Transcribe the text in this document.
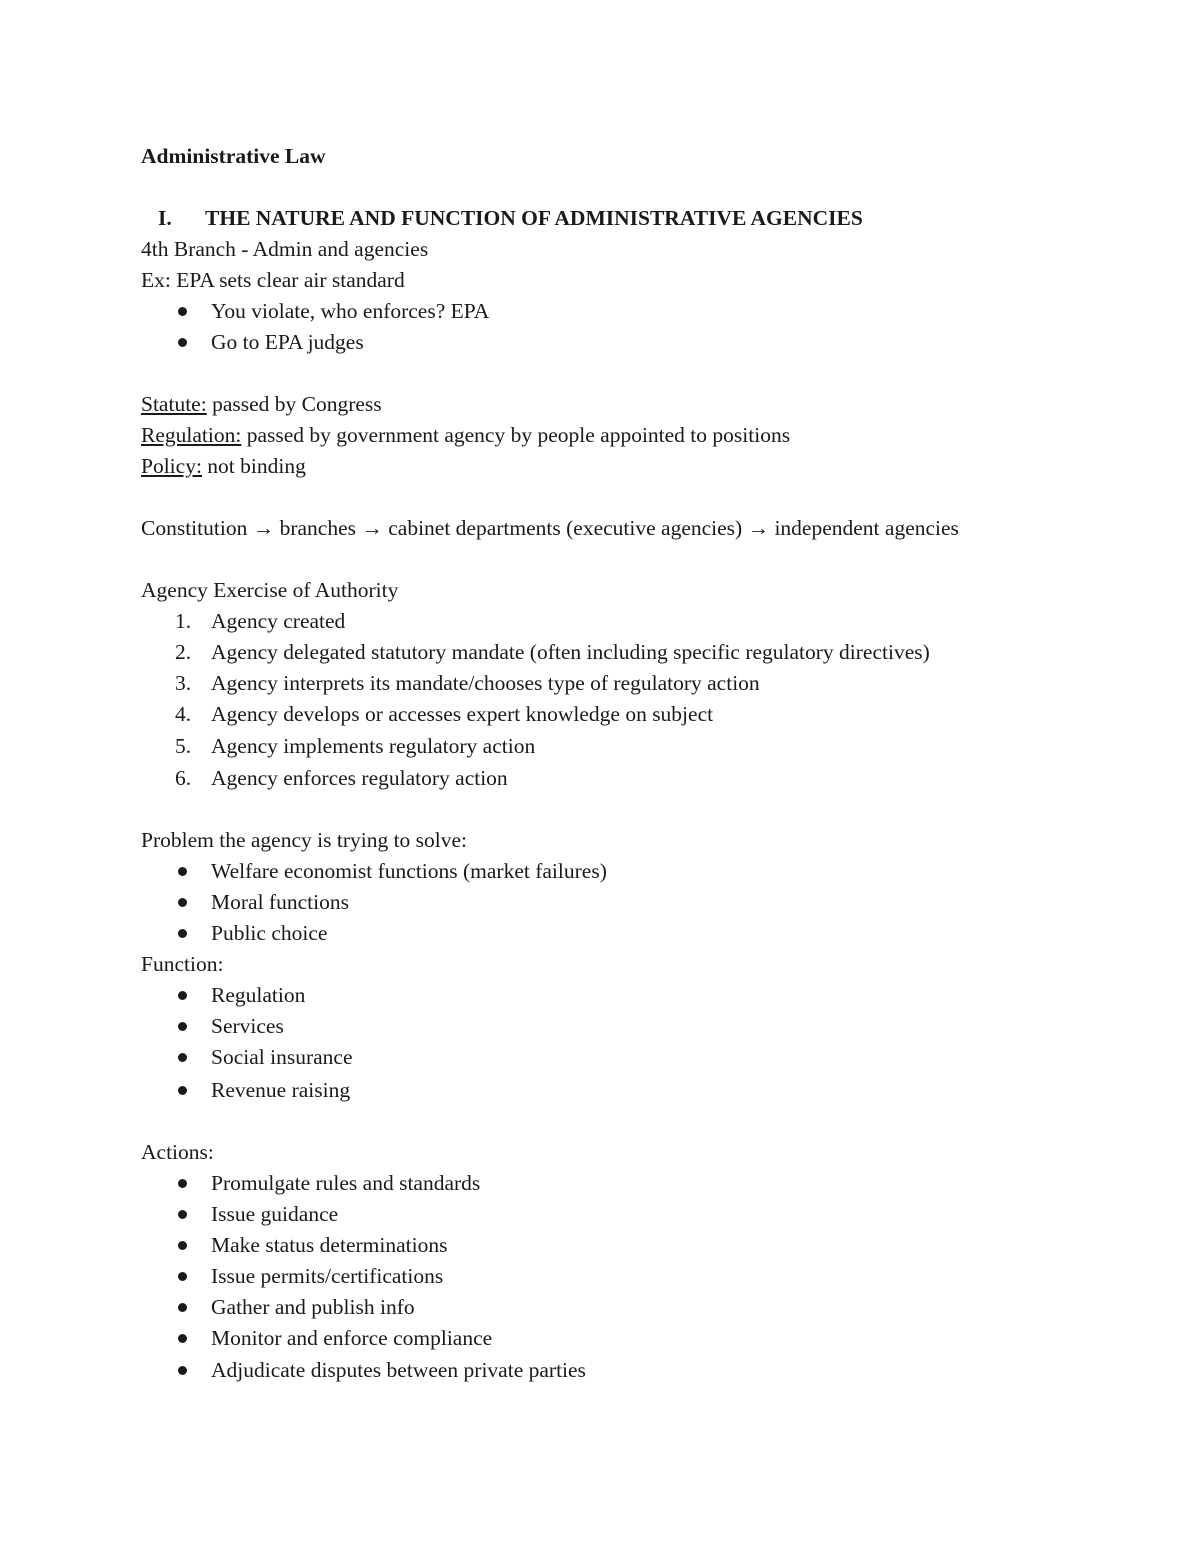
Administrative Law
I. THE NATURE AND FUNCTION OF ADMINISTRATIVE AGENCIES
4th Branch - Admin and agencies
Ex: EPA sets clear air standard
You violate, who enforces? EPA
Go to EPA judges
Statute: passed by Congress
Regulation: passed by government agency by people appointed to positions
Policy: not binding
Constitution → branches → cabinet departments (executive agencies) → independent agencies
Agency Exercise of Authority
1. Agency created
2. Agency delegated statutory mandate (often including specific regulatory directives)
3. Agency interprets its mandate/chooses type of regulatory action
4. Agency develops or accesses expert knowledge on subject
5. Agency implements regulatory action
6. Agency enforces regulatory action
Problem the agency is trying to solve:
Welfare economist functions (market failures)
Moral functions
Public choice
Function:
Regulation
Services
Social insurance
Revenue raising
Actions:
Promulgate rules and standards
Issue guidance
Make status determinations
Issue permits/certifications
Gather and publish info
Monitor and enforce compliance
Adjudicate disputes between private parties
